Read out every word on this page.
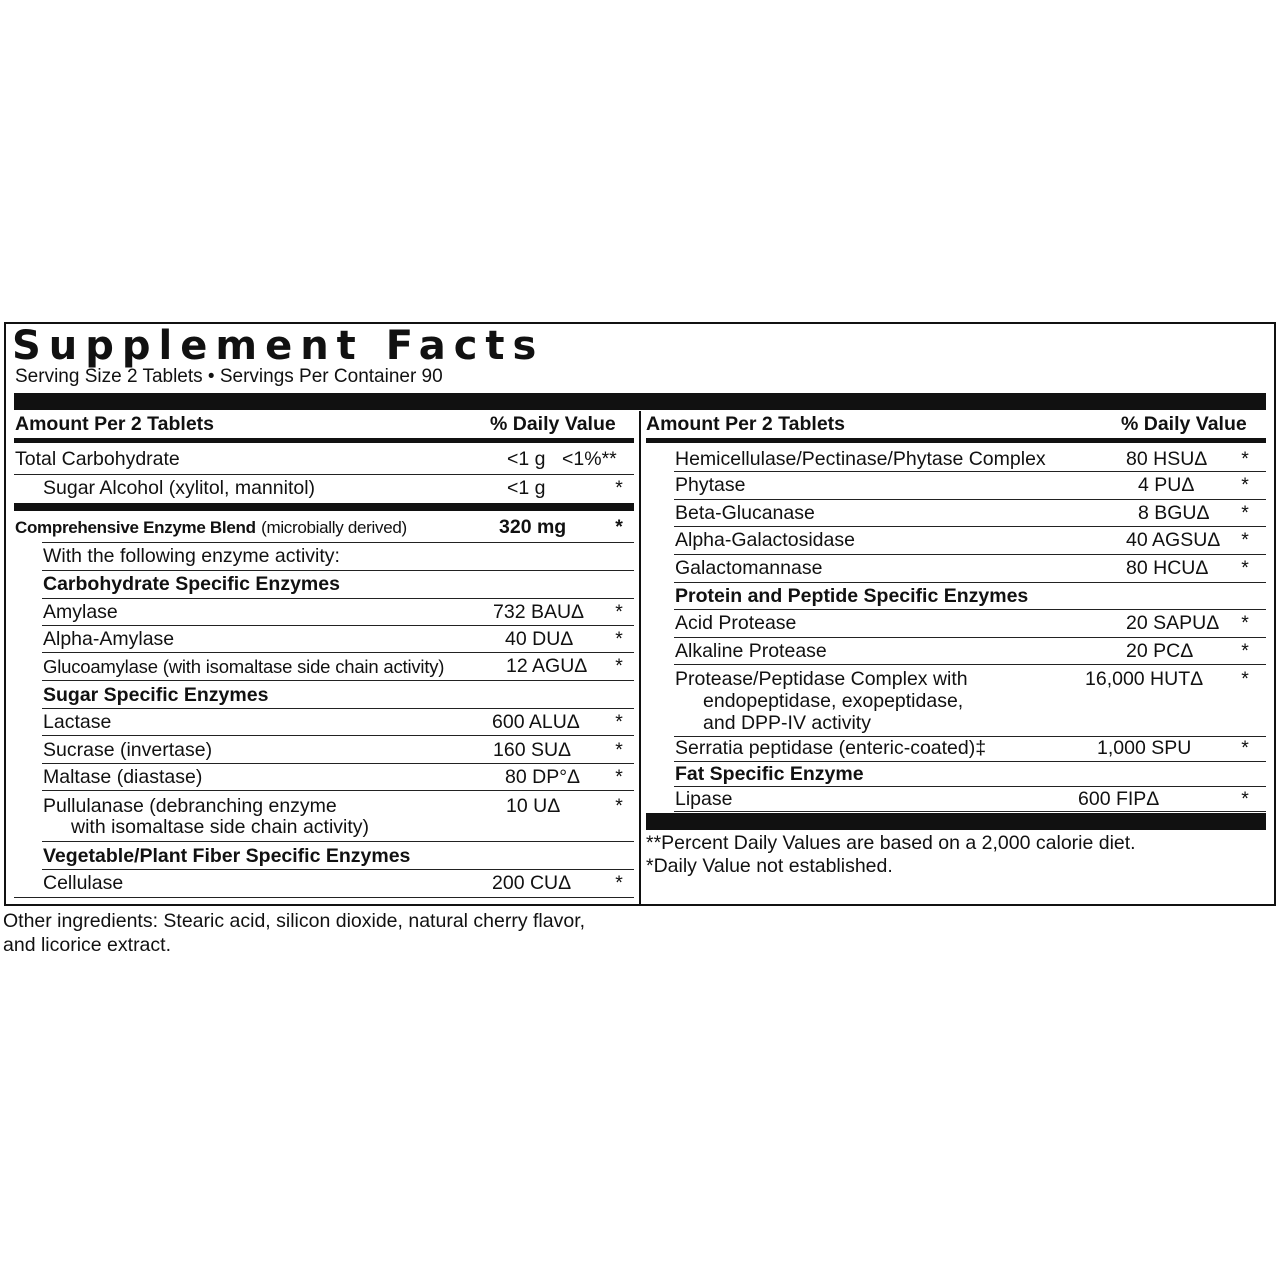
Supplement Facts
Serving Size 2 Tablets • Servings Per Container 90
Amount Per 2 Tablets	% Daily Value
Total Carbohydrate	<1 g <1%**
Sugar Alcohol (xylitol, mannitol)	<1 g	*
Comprehensive Enzyme Blend (microbially derived)	320 mg	*
With the following enzyme activity:
Carbohydrate Specific Enzymes
Amylase	732 BAUΔ *
Alpha-Amylase	40 DUΔ *
Glucoamylase (with isomaltase side chain activity)	12 AGUΔ *
Sugar Specific Enzymes
Lactase	600 ALUΔ *
Sucrase (invertase)	160 SUΔ *
Maltase (diastase)	80 DP°Δ *
Pullulanase (debranching enzyme
with isomaltase side chain activity)
10 UΔ	*
Vegetable/Plant Fiber Specific Enzymes
Cellulase	200 CUΔ *
Amount Per 2 Tablets	% Daily Value
Hemicellulase/Pectinase/Phytase Complex	80 HSUΔ *
Phytase	4 PUΔ *
Beta-Glucanase	8 BGUΔ *
Alpha-Galactosidase	40 AGSUΔ *
Galactomannase	80 HCUΔ *
Protein and Peptide Specific Enzymes
Acid Protease	20 SAPUΔ *
Alkaline Protease	20 PCΔ *
Protease/Peptidase Complex with
endopeptidase, exopeptidase,
and DPP-IV activity
16,000 HUTΔ *
Serratia peptidase (enteric-coated)‡	1,000 SPU	*
Fat Specific Enzyme
Lipase	600 FIPΔ	*
**Percent Daily Values are based on a 2,000 calorie diet.
*Daily Value not established.
Other ingredients: Stearic acid, silicon dioxide, natural cherry flavor,
and licorice extract.
